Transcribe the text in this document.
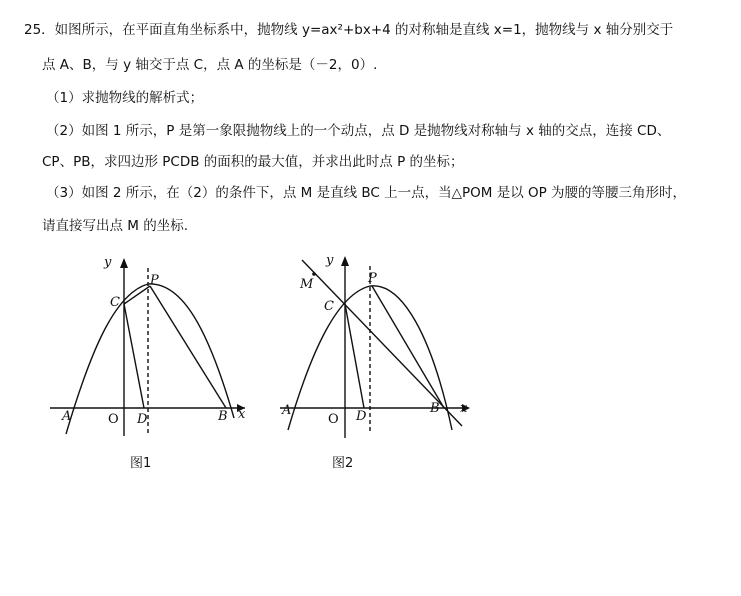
25．如图所示，在平面直角坐标系中，抛物线 y=ax²+bx+4 的对称轴是直线 x=1，抛物线与 x 轴分别交于
点 A、B，与 y 轴交于点 C，点 A 的坐标是（－2，0）.
（1）求抛物线的解析式；
（2）如图 1 所示，P 是第一象限抛物线上的一个动点，点 D 是抛物线对称轴与 x 轴的交点，连接 CD、
CP、PB，求四边形 PCDB 的面积的最大值，并求出此时点 P 的坐标；
（3）如图 2 所示，在（2）的条件下，点 M 是直线 BC 上一点，当△POM 是以 OP 为腰的等腰三角形时，
请直接写出点 M 的坐标.
y
x
C
P
A	O D	B
y
x
M
C
P
A
O D
B
图1	图2
